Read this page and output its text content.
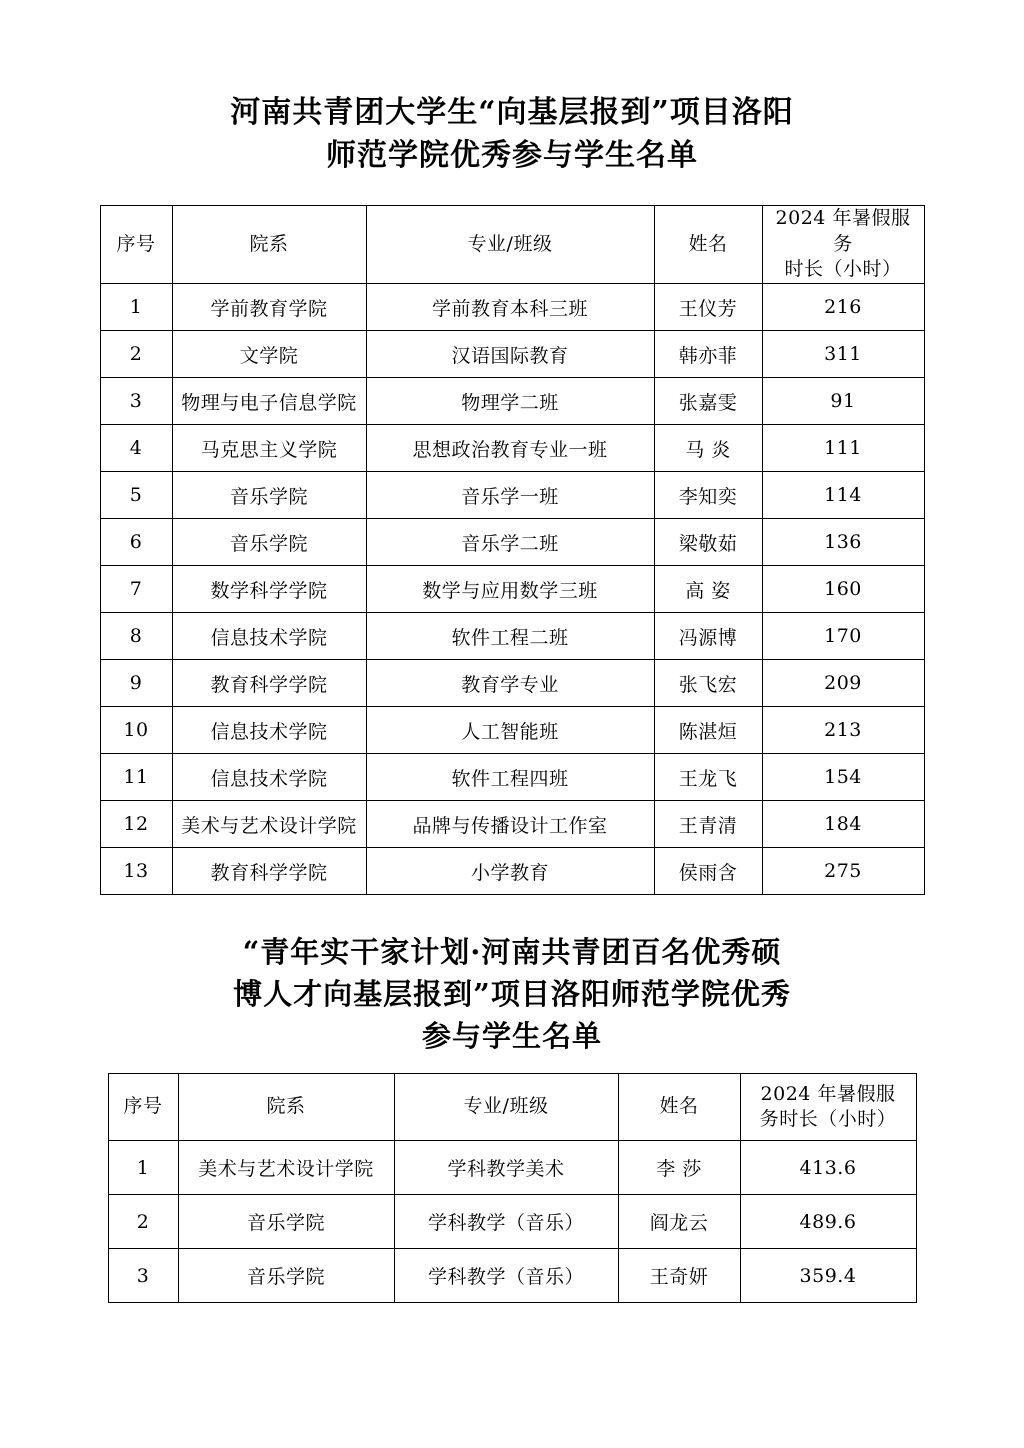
河南共青团大学生“向基层报到”项目洛阳
师范学院优秀参与学生名单
序号	院系	专业/班级	姓名	2024 年暑假服务
时长（小时）

1	学前教育学院	学前教育本科三班	王仪芳	216
2	文学院	汉语国际教育	韩亦菲	311
3	物理与电子信息学院	物理学二班	张嘉雯	91
4	马克思主义学院	思想政治教育专业一班	马 炎	111
5	音乐学院	音乐学一班	李知奕	114
6	音乐学院	音乐学二班	梁敬茹	136
7	数学科学学院	数学与应用数学三班	高 姿	160
8	信息技术学院	软件工程二班	冯源博	170
9	教育科学学院	教育学专业	张飞宏	209
10	信息技术学院	人工智能班	陈湛烜	213
11	信息技术学院	软件工程四班	王龙飞	154
12	美术与艺术设计学院	品牌与传播设计工作室	王青清	184
13	教育科学学院	小学教育	侯雨含	275
“青年实干家计划·河南共青团百名优秀硕
博人才向基层报到”项目洛阳师范学院优秀
参与学生名单
序号	院系	专业/班级	姓名	2024 年暑假服
务时长（小时）

1	美术与艺术设计学院	学科教学美术	李 莎	413.6
2	音乐学院	学科教学（音乐）	阎龙云	489.6
3	音乐学院	学科教学（音乐）	王奇妍	359.4
